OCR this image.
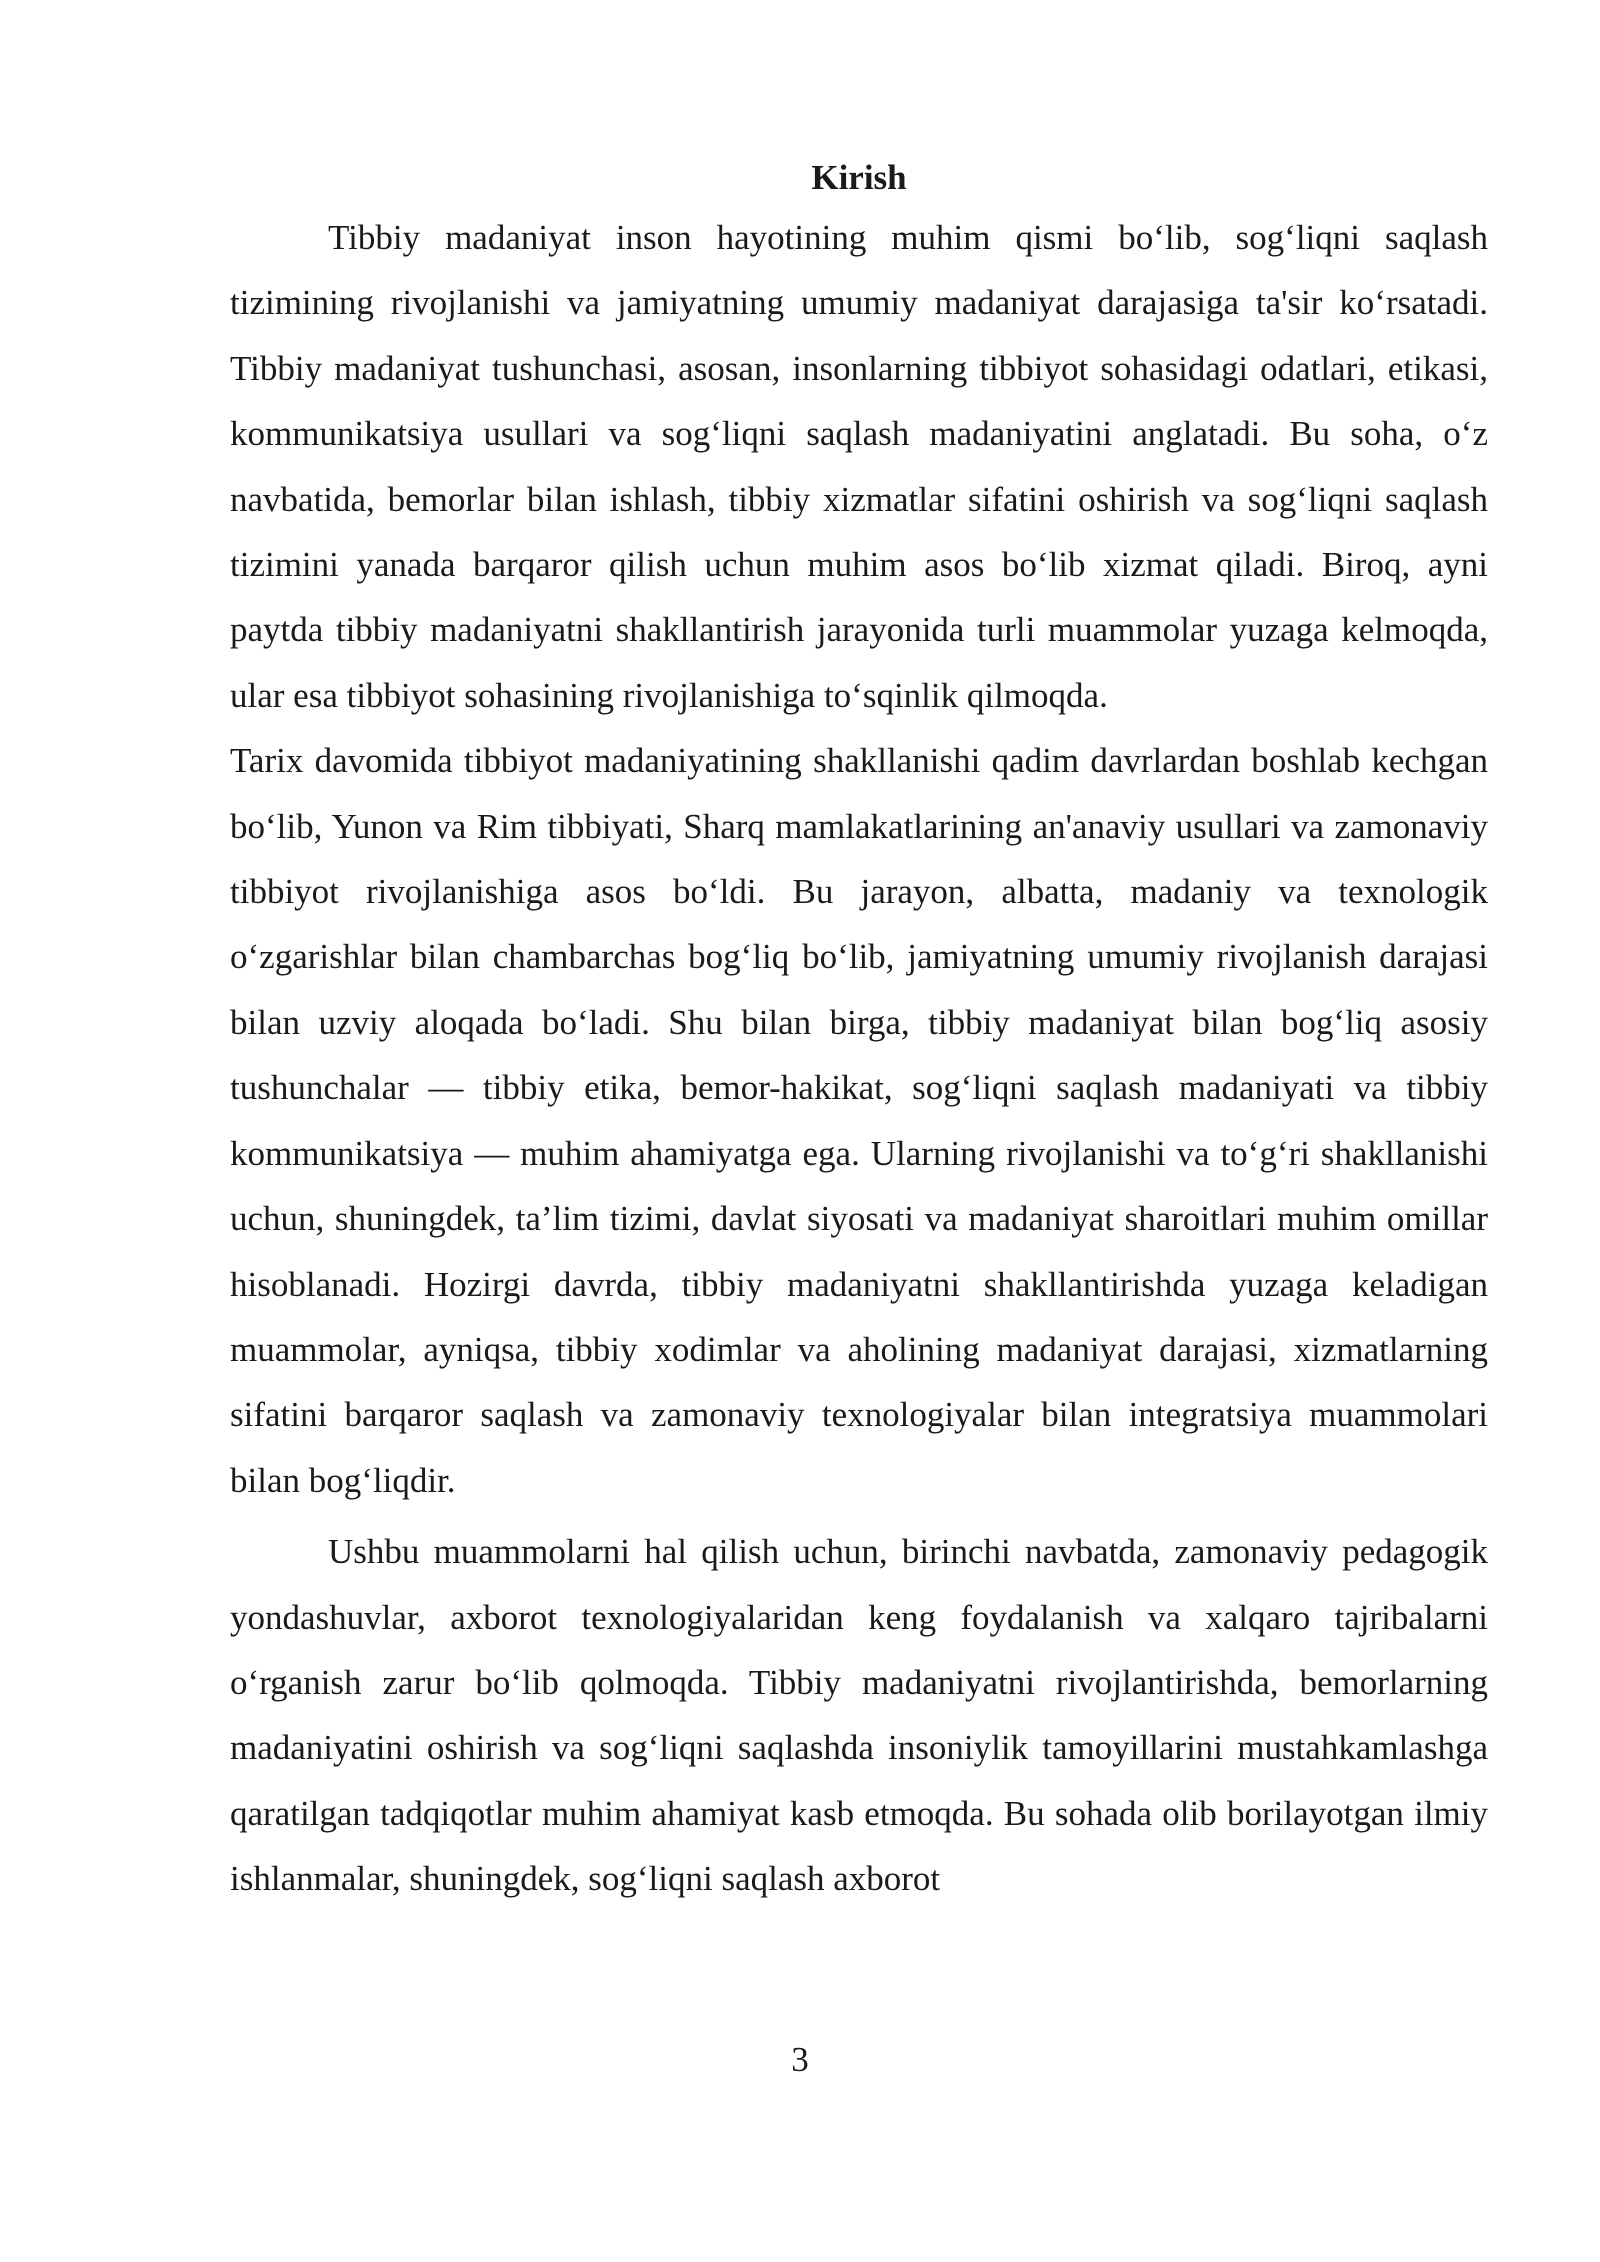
Kirish

Tibbiy madaniyat inson hayotining muhim qismi bo‘lib, sog‘liqni saqlash tizimining rivojlanishi va jamiyatning umumiy madaniyat darajasiga ta'sir ko‘rsatadi. Tibbiy madaniyat tushunchasi, asosan, insonlarning tibbiyot sohasidagi odatlari, etikasi, kommunikatsiya usullari va sog‘liqni saqlash madaniyatini anglatadi. Bu soha, o‘z navbatida, bemorlar bilan ishlash, tibbiy xizmatlar sifatini oshirish va sog‘liqni saqlash tizimini yanada barqaror qilish uchun muhim asos bo‘lib xizmat qiladi. Biroq, ayni paytda tibbiy madaniyatni shakllantirish jarayonida turli muammolar yuzaga kelmoqda, ular esa tibbiyot sohasining rivojlanishiga to‘sqinlik qilmoqda.

Tarix davomida tibbiyot madaniyatining shakllanishi qadim davrlardan boshlab kechgan bo‘lib, Yunon va Rim tibbiyati, Sharq mamlakatlarining an'anaviy usullari va zamonaviy tibbiyot rivojlanishiga asos bo‘ldi. Bu jarayon, albatta, madaniy va texnologik o‘zgarishlar bilan chambarchas bog‘liq bo‘lib, jamiyatning umumiy rivojlanish darajasi bilan uzviy aloqada bo‘ladi. Shu bilan birga, tibbiy madaniyat bilan bog‘liq asosiy tushunchalar — tibbiy etika, bemor-hakikat, sog‘liqni saqlash madaniyati va tibbiy kommunikatsiya — muhim ahamiyatga ega. Ularning rivojlanishi va to‘g‘ri shakllanishi uchun, shuningdek, ta’lim tizimi, davlat siyosati va madaniyat sharoitlari muhim omillar hisoblanadi. Hozirgi davrda, tibbiy madaniyatni shakllantirishda yuzaga keladigan muammolar, ayniqsa, tibbiy xodimlar va aholining madaniyat darajasi, xizmatlarning sifatini barqaror saqlash va zamonaviy texnologiyalar bilan integratsiya muammolari bilan bog‘liqdir.

Ushbu muammolarni hal qilish uchun, birinchi navbatda, zamonaviy pedagogik yondashuvlar, axborot texnologiyalaridan keng foydalanish va xalqaro tajribalarni o‘rganish zarur bo‘lib qolmoqda. Tibbiy madaniyatni rivojlantirishda, bemorlarning madaniyatini oshirish va sog‘liqni saqlashda insoniylik tamoyillarini mustahkamlashga qaratilgan tadqiqotlar muhim ahamiyat kasb etmoqda. Bu sohada olib borilayotgan ilmiy ishlanmalar, shuningdek, sog‘liqni saqlash axborot

3
